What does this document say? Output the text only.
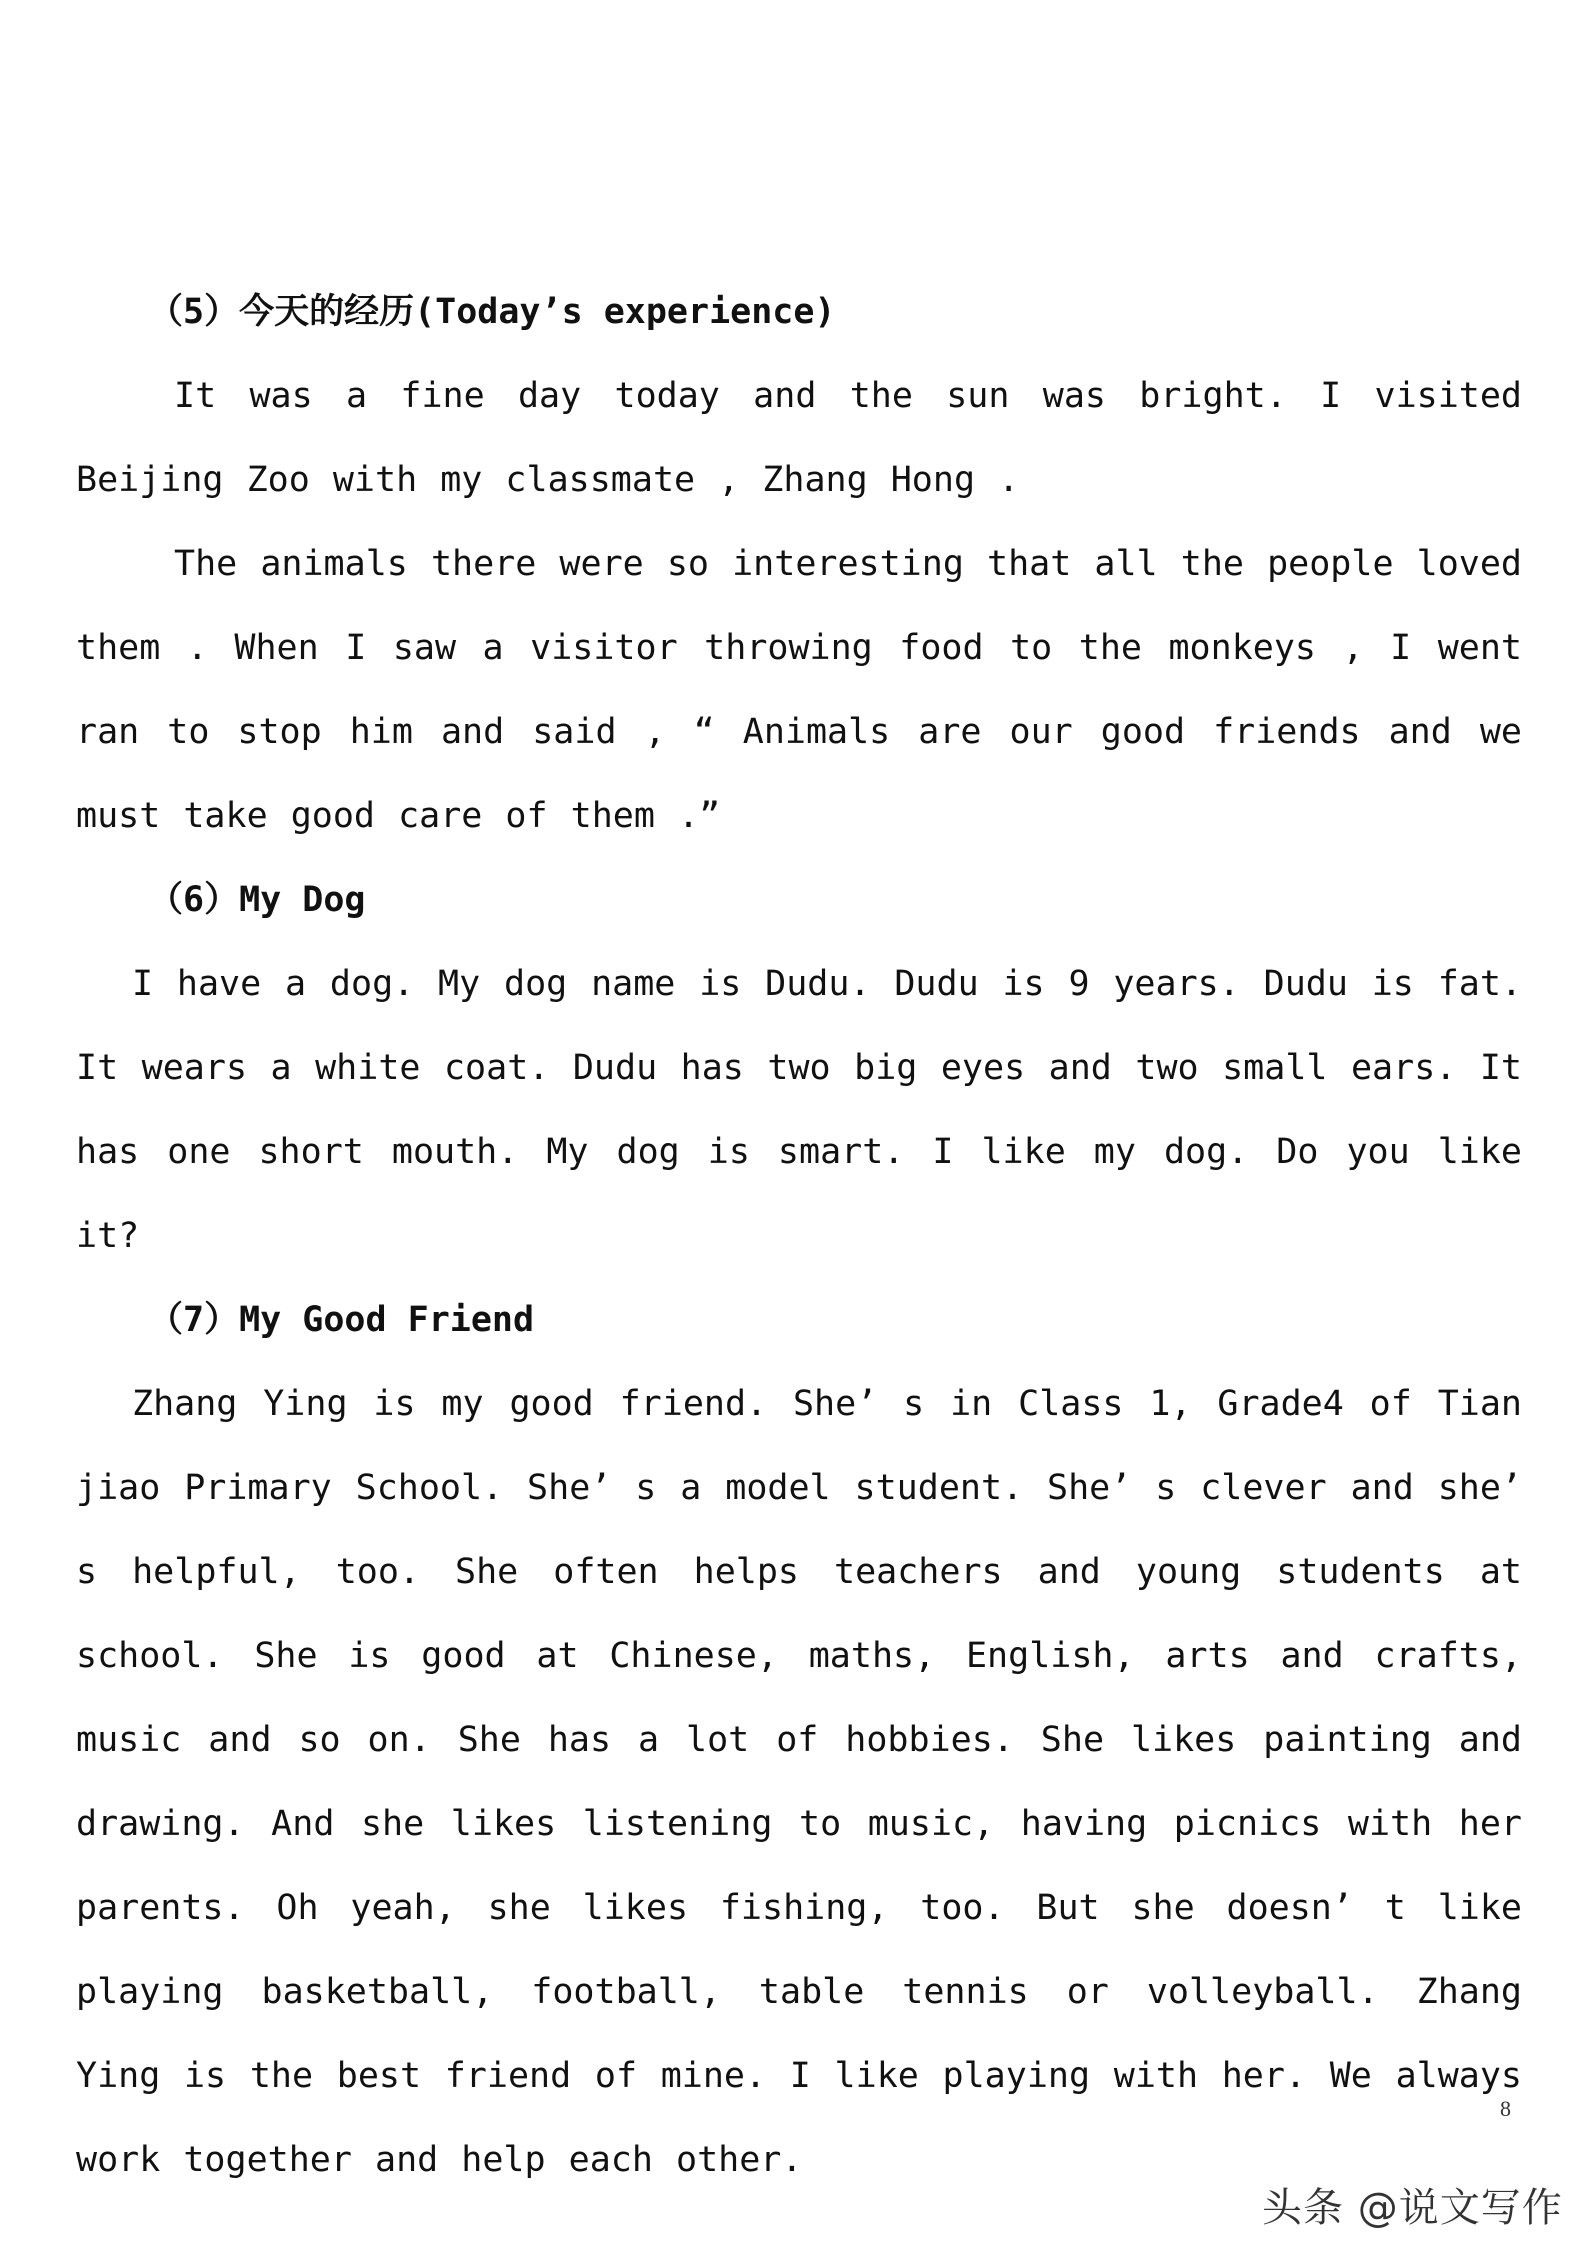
（5）今天的经历(Today’s experience)

It was a fine day today and the sun was bright. I visited Beijing Zoo with my classmate , Zhang Hong .

The animals there were so interesting that all the people loved them . When I saw a visitor throwing food to the monkeys , I went ran to stop him and said , “ Animals are our good friends and we must take good care of them .”

（6）My Dog

I have a dog. My dog name is Dudu. Dudu is 9 years. Dudu is fat. It wears a white coat. Dudu has two big eyes and two small ears. It has one short mouth. My dog is smart. I like my dog. Do you like it?

（7）My Good Friend

Zhang Ying is my good friend. She’ s in Class 1, Grade4 of Tian jiao Primary School. She’ s a model student. She’ s clever and she’ s helpful, too. She often helps teachers and young students at school. She is good at Chinese, maths, English, arts and crafts, music and so on. She has a lot of hobbies. She likes painting and drawing. And she likes listening to music, having picnics with her parents. Oh yeah, she likes fishing, too. But she doesn’ t like playing basketball, football, table tennis or volleyball. Zhang Ying is the best friend of mine. I like playing with her. We always work together and help each other.

8
头条 @说文写作
